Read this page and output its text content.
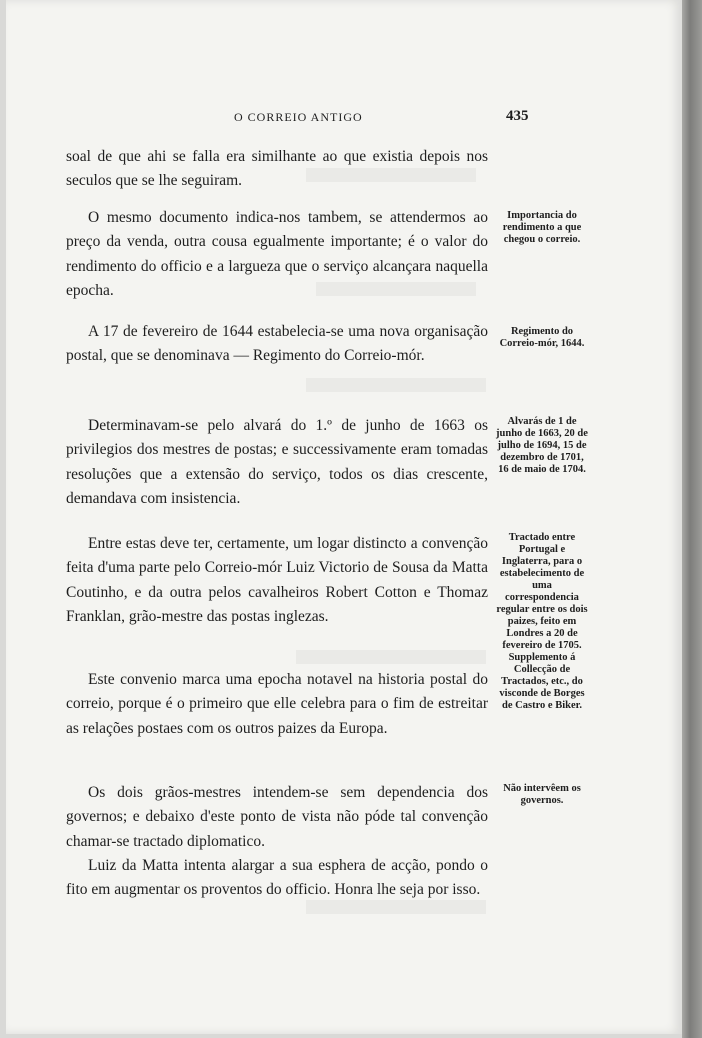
O CORREIO ANTIGO	435

soal de que ahi se falla era similhante ao que existia depois nos seculos que se lhe seguiram.

O mesmo documento indica-nos tambem, se attendermos ao preço da venda, outra cousa egualmente importante; é o valor do rendimento do officio e a largueza que o serviço alcançara naquella epocha.

A 17 de fevereiro de 1644 estabelecia-se uma nova organisação postal, que se denominava — Regimento do Correio-mór.

Determinavam-se pelo alvará do 1.º de junho de 1663 os privilegios dos mestres de postas; e successivamente eram tomadas resoluções que a extensão do serviço, todos os dias crescente, demandava com insistencia.

Entre estas deve ter, certamente, um logar distincto a convenção feita d'uma parte pelo Correio-mór Luiz Victorio de Sousa da Matta Coutinho, e da outra pelos cavalheiros Robert Cotton e Thomaz Franklan, grão-mestre das postas inglezas.

Este convenio marca uma epocha notavel na historia postal do correio, porque é o primeiro que elle celebra para o fim de estreitar as relações postaes com os outros paizes da Europa.

Os dois grãos-mestres intendem-se sem dependencia dos governos; e debaixo d'este ponto de vista não póde tal convenção chamar-se tractado diplomatico.

Luiz da Matta intenta alargar a sua esphera de acção, pondo o fito em augmentar os proventos do officio. Honra lhe seja por isso.

Importancia do rendimento a que chegou o correio.
Regimento do Correio-mór, 1644.
Alvarás de 1 de junho de 1663, 20 de julho de 1694, 15 de dezembro de 1701, 16 de maio de 1704.
Tractado entre Portugal e Inglaterra, para o estabelecimento de uma correspondencia regular entre os dois paizes, feito em Londres a 20 de fevereiro de 1705. Supplemento á Collecção de Tractados, etc., do visconde de Borges de Castro e Biker.
Não intervêem os governos.
